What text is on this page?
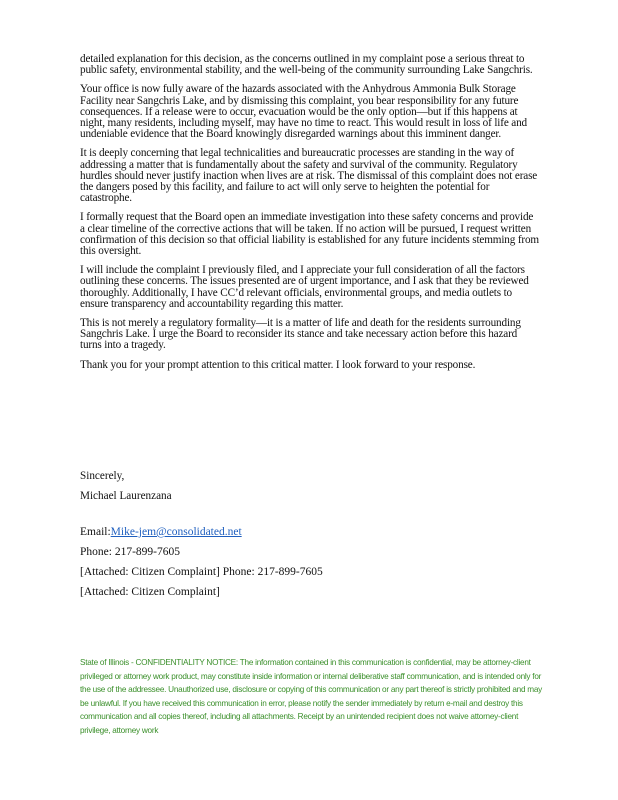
detailed explanation for this decision, as the concerns outlined in my complaint pose a serious threat to public safety, environmental stability, and the well-being of the community surrounding Lake Sangchris.

Your office is now fully aware of the hazards associated with the Anhydrous Ammonia Bulk Storage Facility near Sangchris Lake, and by dismissing this complaint, you bear responsibility for any future consequences. If a release were to occur, evacuation would be the only option—but if this happens at night, many residents, including myself, may have no time to react. This would result in loss of life and undeniable evidence that the Board knowingly disregarded warnings about this imminent danger.

It is deeply concerning that legal technicalities and bureaucratic processes are standing in the way of addressing a matter that is fundamentally about the safety and survival of the community. Regulatory hurdles should never justify inaction when lives are at risk. The dismissal of this complaint does not erase the dangers posed by this facility, and failure to act will only serve to heighten the potential for catastrophe.

I formally request that the Board open an immediate investigation into these safety concerns and provide a clear timeline of the corrective actions that will be taken. If no action will be pursued, I request written confirmation of this decision so that official liability is established for any future incidents stemming from this oversight.

I will include the complaint I previously filed, and I appreciate your full consideration of all the factors outlining these concerns. The issues presented are of urgent importance, and I ask that they be reviewed thoroughly. Additionally, I have CC’d relevant officials, environmental groups, and media outlets to ensure transparency and accountability regarding this matter.

This is not merely a regulatory formality—it is a matter of life and death for the residents surrounding Sangchris Lake. I urge the Board to reconsider its stance and take necessary action before this hazard turns into a tragedy.

Thank you for your prompt attention to this critical matter. I look forward to your response.

Sincerely,
Michael Laurenzana
Email:Mike-jem@consolidated.net
Phone: 217-899-7605
[Attached: Citizen Complaint] Phone: 217-899-7605
[Attached: Citizen Complaint]
State of Illinois - CONFIDENTIALITY NOTICE: The information contained in this communication is confidential, may be attorney-client privileged or attorney work product, may constitute inside information or internal deliberative staff communication, and is intended only for the use of the addressee. Unauthorized use, disclosure or copying of this communication or any part thereof is strictly prohibited and may be unlawful. If you have received this communication in error, please notify the sender immediately by return e-mail and destroy this communication and all copies thereof, including all attachments. Receipt by an unintended recipient does not waive attorney-client privilege, attorney work
